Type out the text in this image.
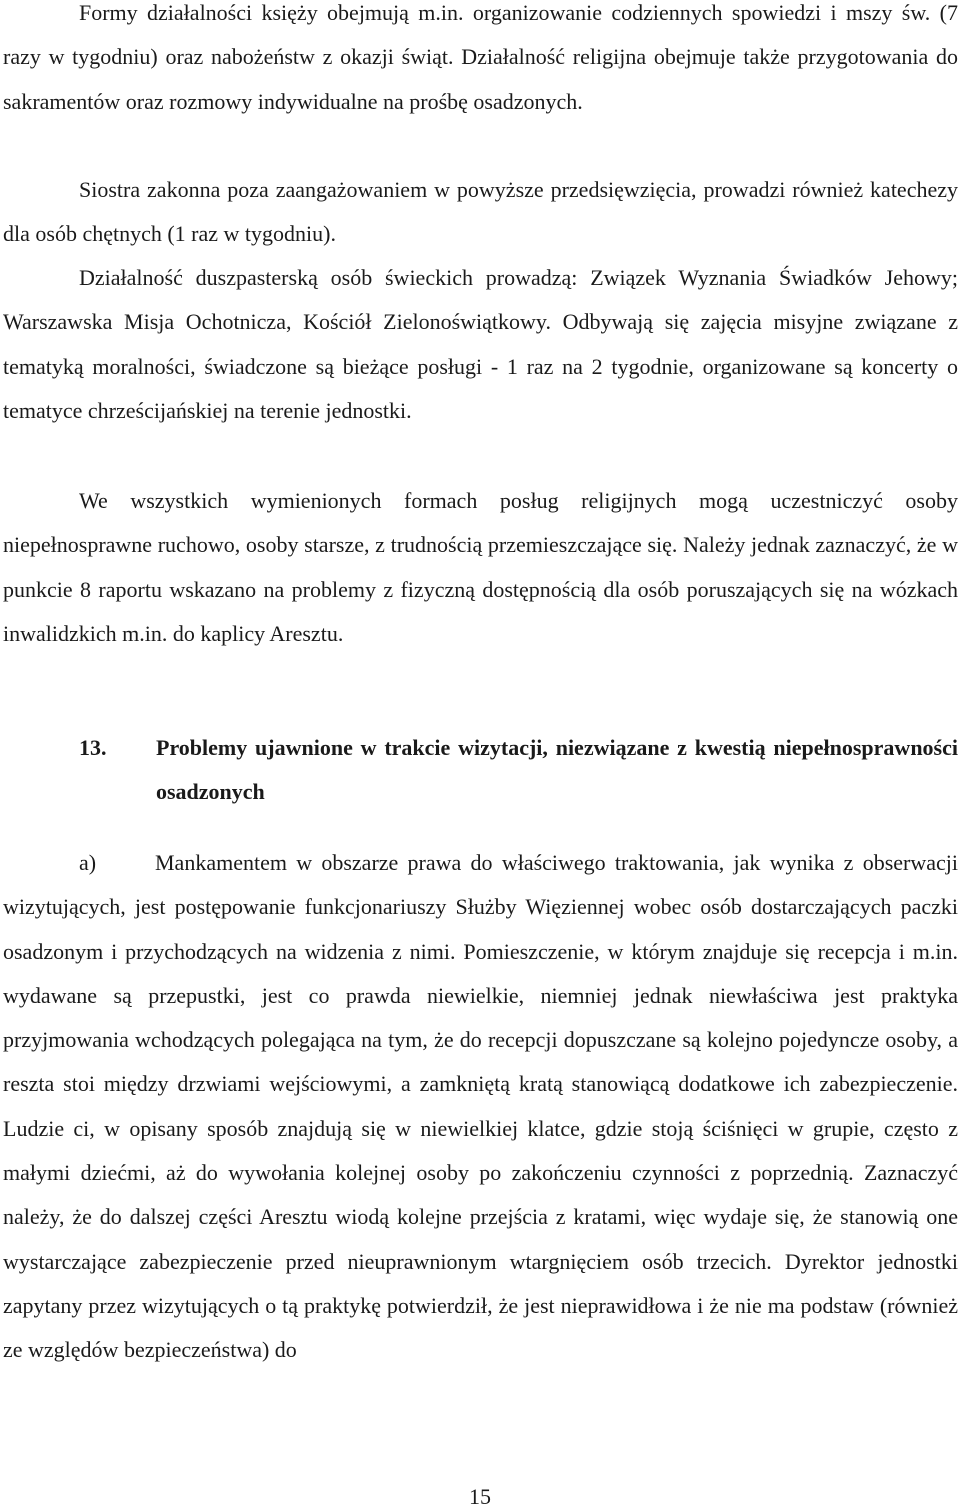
Formy działalności księży obejmują m.in. organizowanie codziennych spowiedzi i mszy św. (7 razy w tygodniu) oraz nabożeństw z okazji świąt. Działalność religijna obejmuje także przygotowania do sakramentów oraz rozmowy indywidualne na prośbę osadzonych.

Siostra zakonna poza zaangażowaniem w powyższe przedsięwzięcia, prowadzi również katechezy dla osób chętnych (1 raz w tygodniu).

Działalność duszpasterską osób świeckich prowadzą: Związek Wyznania Świadków Jehowy; Warszawska Misja Ochotnicza, Kościół Zielonoświątkowy. Odbywają się zajęcia misyjne związane z tematyką moralności, świadczone są bieżące posługi - 1 raz na 2 tygodnie, organizowane są koncerty o tematyce chrześcijańskiej na terenie jednostki.

We wszystkich wymienionych formach posług religijnych mogą uczestniczyć osoby niepełnosprawne ruchowo, osoby starsze, z trudnością przemieszczające się. Należy jednak zaznaczyć, że w punkcie 8 raportu wskazano na problemy z fizyczną dostępnością dla osób poruszających się na wózkach inwalidzkich m.in. do kaplicy Aresztu.

13.	Problemy ujawnione w trakcie wizytacji, niezwiązane z kwestią niepełnosprawności osadzonych

a)	Mankamentem w obszarze prawa do właściwego traktowania, jak wynika z obserwacji wizytujących, jest postępowanie funkcjonariuszy Służby Więziennej wobec osób dostarczających paczki osadzonym i przychodzących na widzenia z nimi. Pomieszczenie, w którym znajduje się recepcja i m.in. wydawane są przepustki, jest co prawda niewielkie, niemniej jednak niewłaściwa jest praktyka przyjmowania wchodzących polegająca na tym, że do recepcji dopuszczane są kolejno pojedyncze osoby, a reszta stoi między drzwiami wejściowymi, a zamkniętą kratą stanowiącą dodatkowe ich zabezpieczenie. Ludzie ci, w opisany sposób znajdują się w niewielkiej klatce, gdzie stoją ściśnięci w grupie, często z małymi dziećmi, aż do wywołania kolejnej osoby po zakończeniu czynności z poprzednią. Zaznaczyć należy, że do dalszej części Aresztu wiodą kolejne przejścia z kratami, więc wydaje się, że stanowią one wystarczające zabezpieczenie przed nieuprawnionym wtargnięciem osób trzecich. Dyrektor jednostki zapytany przez wizytujących o tą praktykę potwierdził, że jest nieprawidłowa i że nie ma podstaw (również ze względów bezpieczeństwa) do

15
